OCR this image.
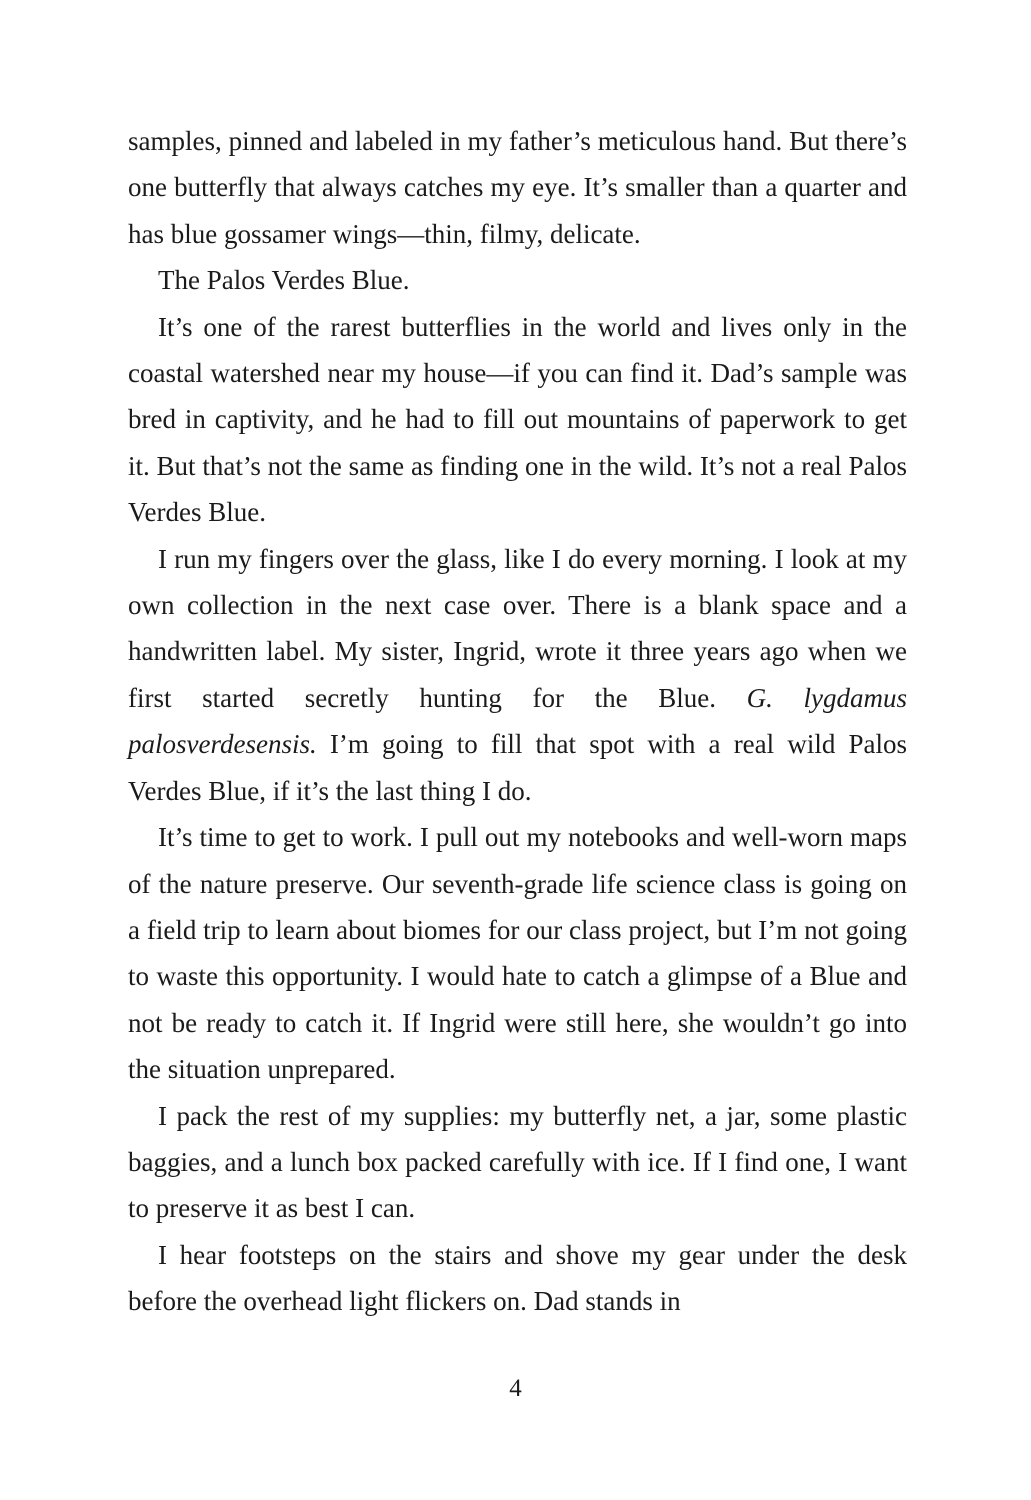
samples, pinned and labeled in my father’s meticulous hand. But there’s one butterfly that always catches my eye. It’s smaller than a quarter and has blue gossamer wings—thin, filmy, delicate.

The Palos Verdes Blue.

It’s one of the rarest butterflies in the world and lives only in the coastal watershed near my house—if you can find it. Dad’s sample was bred in captivity, and he had to fill out mountains of paperwork to get it. But that’s not the same as finding one in the wild. It’s not a real Palos Verdes Blue.

I run my fingers over the glass, like I do every morning. I look at my own collection in the next case over. There is a blank space and a handwritten label. My sister, Ingrid, wrote it three years ago when we first started secretly hunting for the Blue. G. lygdamus palosverdesensis. I’m going to fill that spot with a real wild Palos Verdes Blue, if it’s the last thing I do.

It’s time to get to work. I pull out my notebooks and well-worn maps of the nature preserve. Our seventh-grade life science class is going on a field trip to learn about biomes for our class project, but I’m not going to waste this opportunity. I would hate to catch a glimpse of a Blue and not be ready to catch it. If Ingrid were still here, she wouldn’t go into the situation unprepared.

I pack the rest of my supplies: my butterfly net, a jar, some plastic baggies, and a lunch box packed carefully with ice. If I find one, I want to preserve it as best I can.

I hear footsteps on the stairs and shove my gear under the desk before the overhead light flickers on. Dad stands in

4
